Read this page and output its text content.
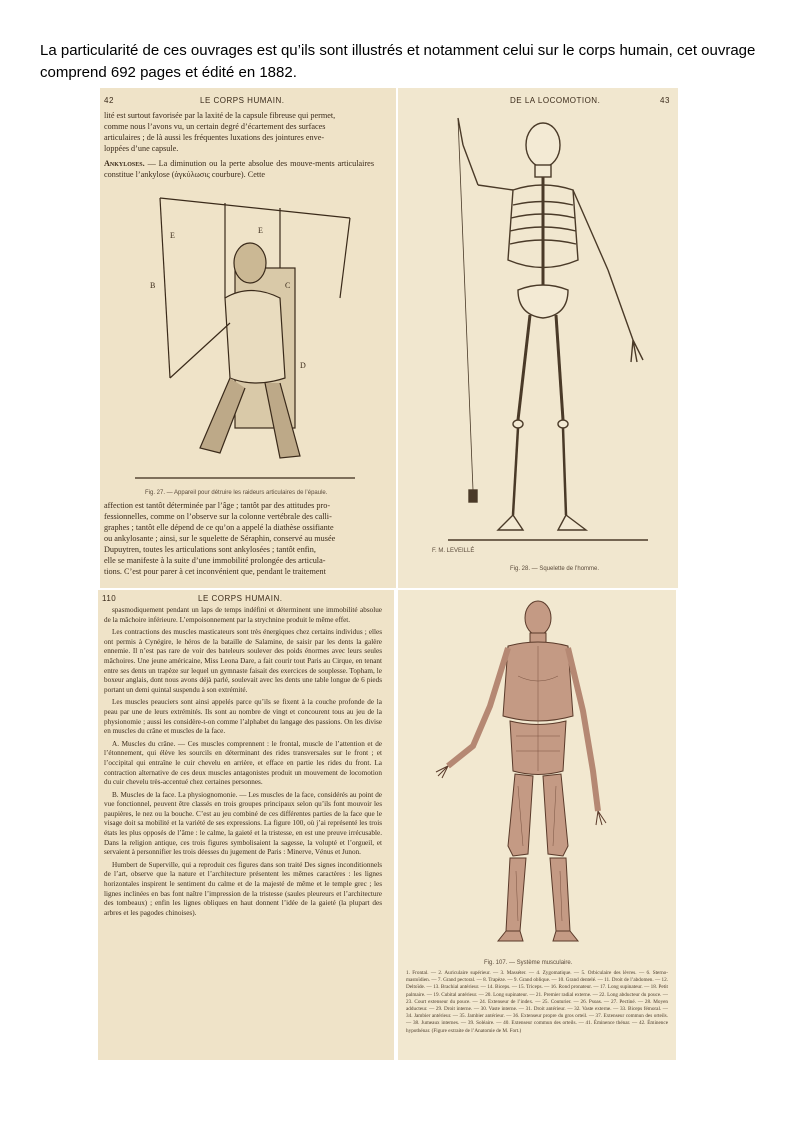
La particularité de ces ouvrages est qu’ils sont illustrés et notamment celui sur le corps humain, cet ouvrage comprend 692 pages et édité en 1882.
42	LE CORPS HUMAIN.
lité est surtout favorisée par la laxité de la capsule fibreuse qui permet,
comme nous l’avons vu, un certain degré d’écartement des surfaces
articulaires ; de là aussi les fréquentes luxations des jointures enve-
loppées d’une capsule.
Ankyloses. — La diminution ou la perte absolue des mouve-ments articulaires constitue l’ankylose (ἀγκύλωσις courbure). Cette
E
E
C
D
B
Fig. 27. — Appareil pour détruire les raideurs articulaires de l’épaule.
affection est tantôt déterminée par l’âge ; tantôt par des attitudes pro-
fessionnelles, comme on l’observe sur la colonne vertébrale des calli-
graphes ; tantôt elle dépend de ce qu’on a appelé la diathèse ossifiante
ou ankylosante ; ainsi, sur le squelette de Séraphin, conservé au musée
Dupuytren, toutes les articulations sont ankylosées ; tantôt enfin,
elle se manifeste à la suite d’une immobilité prolongée des articula-
tions. C’est pour parer à cet inconvénient que, pendant le traitement
DE LA LOCOMOTION.	43
F. M. LEVEILLÉ
Fig. 28. — Squelette de l’homme.
110	LE CORPS HUMAIN.

spasmodiquement pendant un laps de temps indéfini et déterminent une immobilité absolue de la mâchoire inférieure. L’empoisonnement par la strychnine produit le même effet.

Les contractions des muscles masticateurs sont très énergiques chez certains individus ; elles ont permis à Cynégire, le héros de la bataille de Salamine, de saisir par les dents la galère ennemie. Il n’est pas rare de voir des bateleurs soulever des poids énormes avec leurs seules mâchoires. Une jeune américaine, Miss Leona Dare, a fait courir tout Paris au Cirque, en tenant entre ses dents un trapèze sur lequel un gymnaste faisait des exercices de souplesse. Topham, le boxeur anglais, dont nous avons déjà parlé, soulevait avec les dents une table longue de 6 pieds portant un demi quintal suspendu à son extrémité.

Les muscles peauciers sont ainsi appelés parce qu’ils se fixent à la couche profonde de la peau par une de leurs extrémités. Ils sont au nombre de vingt et concourent tous au jeu de la physionomie ; aussi les considère-t-on comme l’alphabet du langage des passions. On les divise en muscles du crâne et muscles de la face.

A. Muscles du crâne. — Ces muscles comprennent : le frontal, muscle de l’attention et de l’étonnement, qui élève les sourcils en déterminant des rides transversales sur le front ; et l’occipital qui entraîne le cuir chevelu en arrière, et efface en partie les rides du front. La contraction alternative de ces deux muscles antagonistes produit un mouvement de locomotion du cuir chevelu très-accentué chez certaines personnes.

B. Muscles de la face. La physiognomonie. — Les muscles de la face, considérés au point de vue fonctionnel, peuvent être classés en trois groupes principaux selon qu’ils font mouvoir les paupières, le nez ou la bouche. C’est au jeu combiné de ces différentes parties de la face que le visage doit sa mobilité et la variété de ses expressions. La figure 100, où j’ai représenté les trois états les plus opposés de l’âme : le calme, la gaieté et la tristesse, en est une preuve irrécusable. Dans la religion antique, ces trois figures symbolisaient la sagesse, la volupté et l’orgueil, et servaient à personnifier les trois déesses du jugement de Paris : Minerve, Vénus et Junon.

Humbert de Superville, qui a reproduit ces figures dans son traité Des signes inconditionnels de l’art, observe que la nature et l’architecture présentent les mêmes caractères : les lignes horizontales inspirent le sentiment du calme et de la majesté de même et le temple grec ; les lignes inclinées en bas font naître l’impression de la tristesse (saules pleureurs et l’architecture des tombeaux) ; enfin les lignes obliques en haut donnent l’idée de la gaieté (la plupart des arbres et les pagodes chinoises).

Fig. 107. — Système musculaire.
1. Frontal. — 2. Auriculaire supérieur. — 3. Masséter. — 4. Zygomatique. — 5. Orbiculaire des lèvres. — 6. Sterno-mastoïdien. — 7. Grand pectoral. — 8. Trapèze. — 9. Grand oblique. — 10. Grand dentelé. — 11. Droit de l’abdomen. — 12. Deltoïde. — 13. Brachial antérieur. — 14. Biceps. — 15. Triceps. — 16. Rond pronateur. — 17. Long supinateur. — 18. Petit palmaire. — 19. Cubital antérieur. — 20. Long supinateur. — 21. Premier radial externe. — 22. Long abducteur du pouce. — 23. Court extenseur du pouce. — 24. Extenseur de l’index. — 25. Couturier. — 26. Psoas. — 27. Pectiné. — 28. Moyen adducteur. — 29. Droit interne. — 30. Vaste interne. — 31. Droit antérieur. — 32. Vaste externe. — 33. Biceps fémoral. — 34. Jambier antérieur. — 35. Jambier antérieur. — 36. Extenseur propre du gros orteil. — 37. Extenseur commun des orteils. — 38. Jumeaux internes. — 39. Soléaire. — 40. Extenseur commun des orteils. — 41. Éminence thénar. — 42. Éminence hypothénar. (Figure extraite de l’Anatomie de M. Fort.)
